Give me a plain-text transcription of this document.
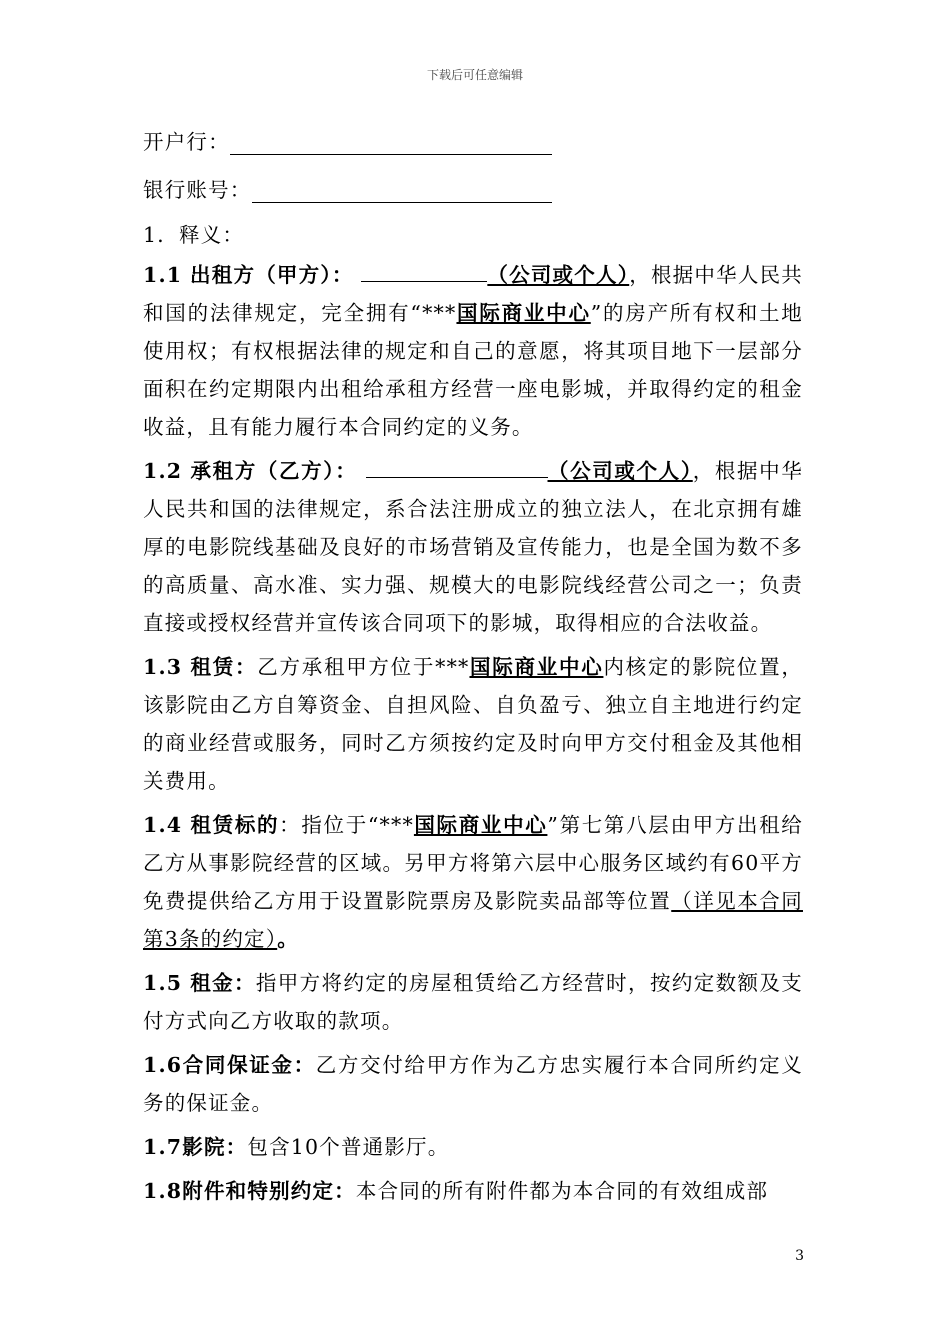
下载后可任意编辑
开户行：
银行账号：
1．释义：

1.1 出租方（甲方）：	（公司或个人），根据中华人民共和国的法律规定，完全拥有“***国际商业中心”的房产所有权和土地使用权；有权根据法律的规定和自己的意愿，将其项目地下一层部分面积在约定期限内出租给承租方经营一座电影城，并取得约定的租金收益，且有能力履行本合同约定的义务。

1.2 承租方（乙方）：	（公司或个人），根据中华人民共和国的法律规定，系合法注册成立的独立法人，在北京拥有雄厚的电影院线基础及良好的市场营销及宣传能力，也是全国为数不多的高质量、高水准、实力强、规模大的电影院线经营公司之一；负责直接或授权经营并宣传该合同项下的影城，取得相应的合法收益。

1.3 租赁：乙方承租甲方位于***国际商业中心内核定的影院位置，该影院由乙方自筹资金、自担风险、自负盈亏、独立自主地进行约定的商业经营或服务，同时乙方须按约定及时向甲方交付租金及其他相关费用。

1.4 租赁标的：指位于“***国际商业中心”第七第八层由甲方出租给乙方从事影院经营的区域。另甲方将第六层中心服务区域约有60平方免费提供给乙方用于设置影院票房及影院卖品部等位置（详见本合同第3条的约定）。

1.5 租金：指甲方将约定的房屋租赁给乙方经营时，按约定数额及支付方式向乙方收取的款项。

1.6合同保证金：乙方交付给甲方作为乙方忠实履行本合同所约定义务的保证金。

1.7影院：包含10个普通影厅。

1.8附件和特别约定：本合同的所有附件都为本合同的有效组成部

3
